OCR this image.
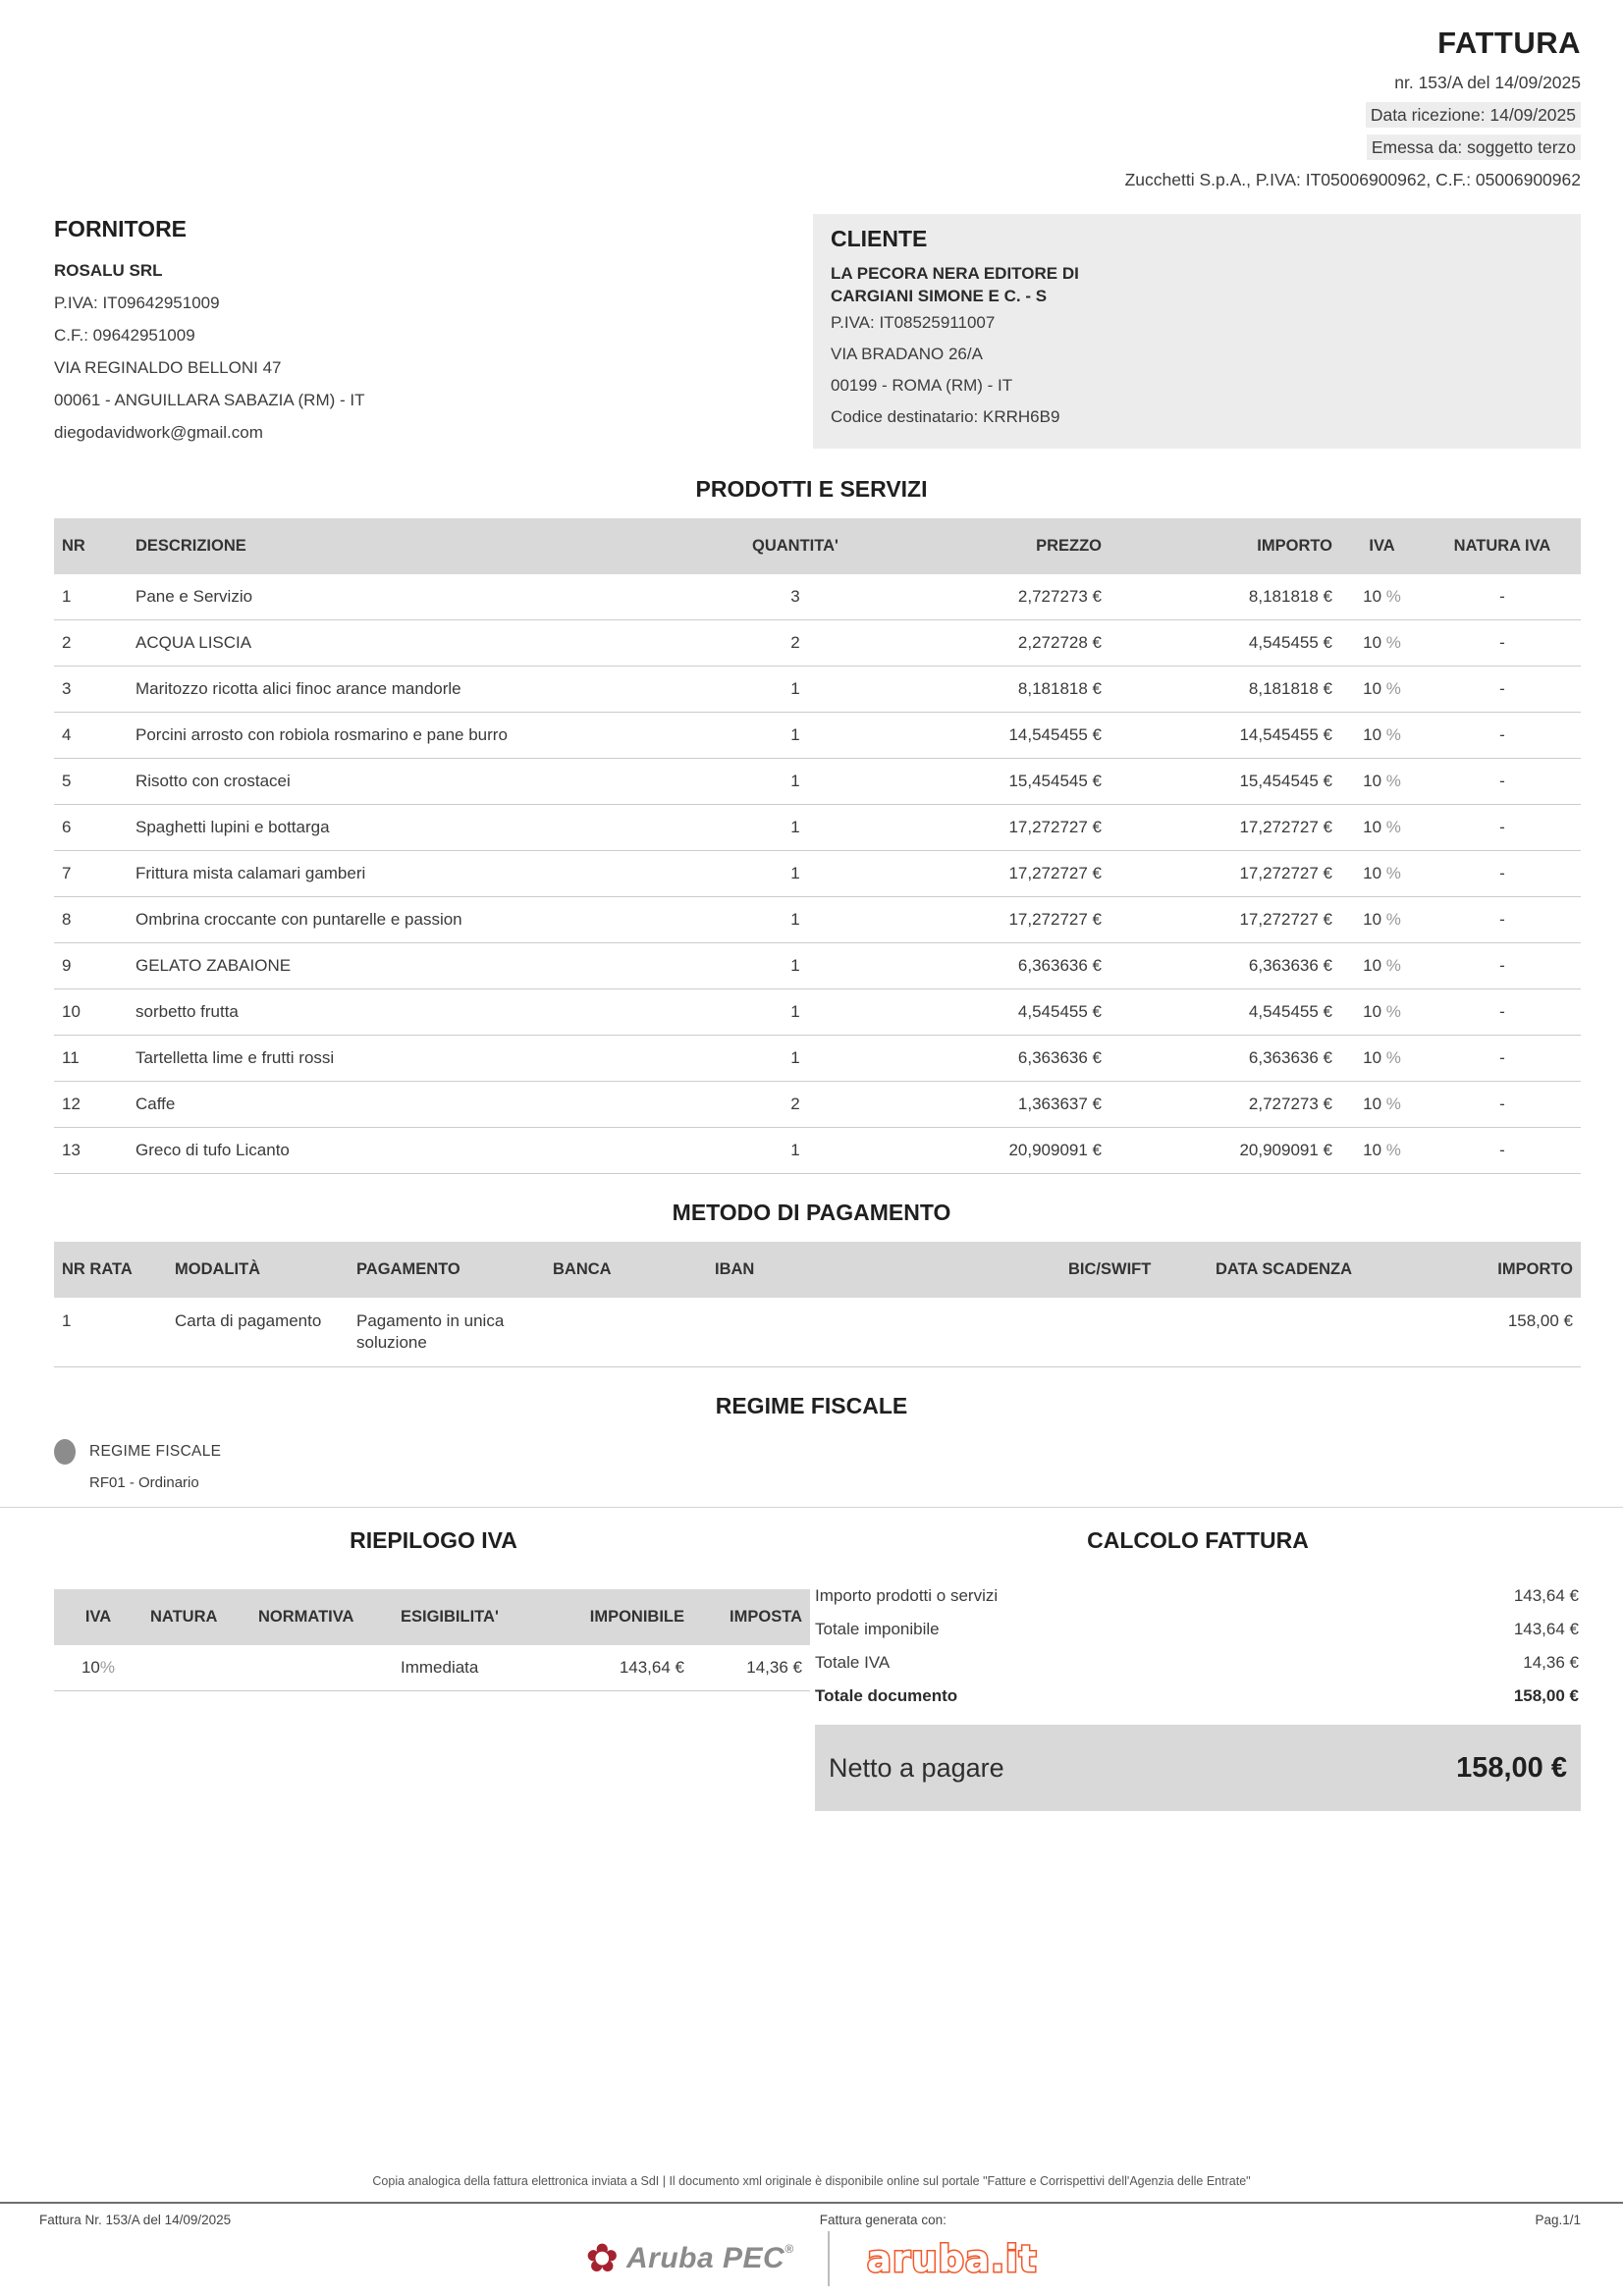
FATTURA
nr. 153/A del 14/09/2025
Data ricezione: 14/09/2025
Emessa da: soggetto terzo
Zucchetti S.p.A., P.IVA: IT05006900962, C.F.: 05006900962
FORNITORE
ROSALU SRL
P.IVA: IT09642951009
C.F.: 09642951009
VIA REGINALDO BELLONI 47
00061 - ANGUILLARA SABAZIA (RM) - IT
diegodavidwork@gmail.com
CLIENTE
LA PECORA NERA EDITORE DI
CARGIANI SIMONE E C. - S
P.IVA: IT08525911007
VIA BRADANO 26/A
00199 - ROMA (RM) - IT
Codice destinatario: KRRH6B9
PRODOTTI E SERVIZI
NR	DESCRIZIONE	QUANTITA'	PREZZO	IMPORTO	IVA	NATURA IVA
1	Pane e Servizio	3	2,727273 €	8,181818 €	10 %	-
2	ACQUA LISCIA	2	2,272728 €	4,545455 €	10 %	-
3	Maritozzo ricotta alici finoc arance mandorle	1	8,181818 €	8,181818 €	10 %	-
4	Porcini arrosto con robiola rosmarino e pane burro	1	14,545455 €	14,545455 €	10 %	-
5	Risotto con crostacei	1	15,454545 €	15,454545 €	10 %	-
6	Spaghetti lupini e bottarga	1	17,272727 €	17,272727 €	10 %	-
7	Frittura mista calamari gamberi	1	17,272727 €	17,272727 €	10 %	-
8	Ombrina croccante con puntarelle e passion	1	17,272727 €	17,272727 €	10 %	-
9	GELATO ZABAIONE	1	6,363636 €	6,363636 €	10 %	-
10	sorbetto frutta	1	4,545455 €	4,545455 €	10 %	-
11	Tartelletta lime e frutti rossi	1	6,363636 €	6,363636 €	10 %	-
12	Caffe	2	1,363637 €	2,727273 €	10 %	-
13	Greco di tufo Licanto	1	20,909091 €	20,909091 €	10 %	-
METODO DI PAGAMENTO
NR RATA	MODALITÀ	PAGAMENTO	BANCA	IBAN	BIC/SWIFT	DATA SCADENZA	IMPORTO
1	Carta di pagamento	Pagamento in unica soluzione					158,00 €
REGIME FISCALE
REGIME FISCALE
RF01 - Ordinario
RIEPILOGO IVA
IVA	NATURA	NORMATIVA	ESIGIBILITA'	IMPONIBILE	IMPOSTA
10%			Immediata	143,64 €	14,36 €
CALCOLO FATTURA
Importo prodotti o servizi	143,64 €
Totale imponibile	143,64 €
Totale IVA	14,36 €
Totale documento	158,00 €
Netto a pagare	158,00 €
Copia analogica della fattura elettronica inviata a SdI | Il documento xml originale è disponibile online sul portale "Fatture e Corrispettivi dell'Agenzia delle Entrate"
Fattura Nr. 153/A del 14/09/2025	Fattura generata con:	Pag.1/1
✿ Aruba PEC® aruba.it
